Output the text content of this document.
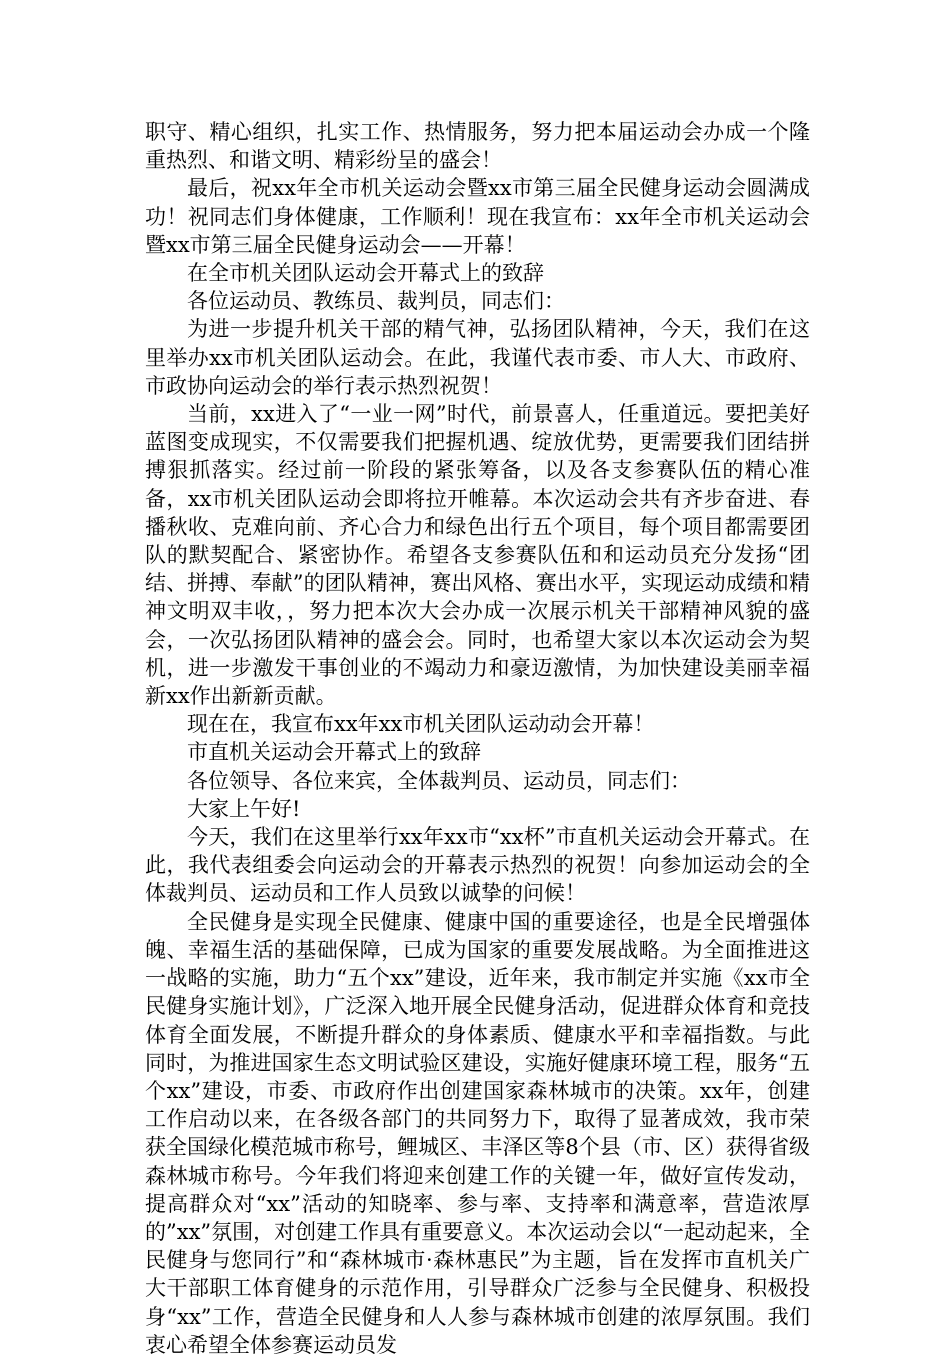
职守、精心组织，扎实工作、热情服务，努力把本届运动会办成一个隆重热烈、和谐文明、精彩纷呈的盛会！

最后，祝xx年全市机关运动会暨xx市第三届全民健身运动会圆满成功！祝同志们身体健康，工作顺利！现在我宣布：xx年全市机关运动会暨xx市第三届全民健身运动会——开幕！

在全市机关团队运动会开幕式上的致辞

各位运动员、教练员、裁判员，同志们：

为进一步提升机关干部的精气神，弘扬团队精神，今天，我们在这里举办xx市机关团队运动会。在此，我谨代表市委、市人大、市政府、市政协向运动会的举行表示热烈祝贺！

当前，xx进入了“一业一网”时代，前景喜人，任重道远。要把美好蓝图变成现实，不仅需要我们把握机遇、绽放优势，更需要我们团结拼搏狠抓落实。经过前一阶段的紧张筹备，以及各支参赛队伍的精心准备，xx市机关团队运动会即将拉开帷幕。本次运动会共有齐步奋进、春播秋收、克难向前、齐心合力和绿色出行五个项目，每个项目都需要团队的默契配合、紧密协作。希望各支参赛队伍和和运动员充分发扬“团结、拼搏、奉献”的团队精神，赛出风格、赛出水平，实现运动成绩和精神文明双丰收，，努力把本次大会办成一次展示机关干部精神风貌的盛会，一次弘扬团队精神的盛会会。同时，也希望大家以本次运动会为契机，进一步激发干事创业的不竭动力和豪迈激情，为加快建设美丽幸福新xx作出新新贡献。

现在在，我宣布xx年xx市机关团队运动动会开幕！

市直机关运动会开幕式上的致辞

各位领导、各位来宾，全体裁判员、运动员，同志们：

大家上午好!

今天，我们在这里举行xx年xx市“xx杯”市直机关运动会开幕式。在此，我代表组委会向运动会的开幕表示热烈的祝贺！向参加运动会的全体裁判员、运动员和工作人员致以诚挚的问候！

全民健身是实现全民健康、健康中国的重要途径，也是全民增强体魄、幸福生活的基础保障，已成为国家的重要发展战略。为全面推进这一战略的实施，助力“五个xx”建设，近年来，我市制定并实施《xx市全民健身实施计划》，广泛深入地开展全民健身活动，促进群众体育和竞技体育全面发展，不断提升群众的身体素质、健康水平和幸福指数。与此同时，为推进国家生态文明试验区建设，实施好健康环境工程，服务“五个xx”建设，市委、市政府作出创建国家森林城市的决策。xx年，创建工作启动以来，在各级各部门的共同努力下，取得了显著成效，我市荣获全国绿化模范城市称号，鲤城区、丰泽区等8个县（市、区）获得省级森林城市称号。今年我们将迎来创建工作的关键一年，做好宣传发动，提高群众对“xx”活动的知晓率、参与率、支持率和满意率，营造浓厚的”xx”氛围，对创建工作具有重要意义。本次运动会以“一起动起来，全民健身与您同行”和“森林城市·森林惠民”为主题，旨在发挥市直机关广大干部职工体育健身的示范作用，引导群众广泛参与全民健身、积极投身“xx”工作，营造全民健身和人人参与森林城市创建的浓厚氛围。我们衷心希望全体参赛运动员发
